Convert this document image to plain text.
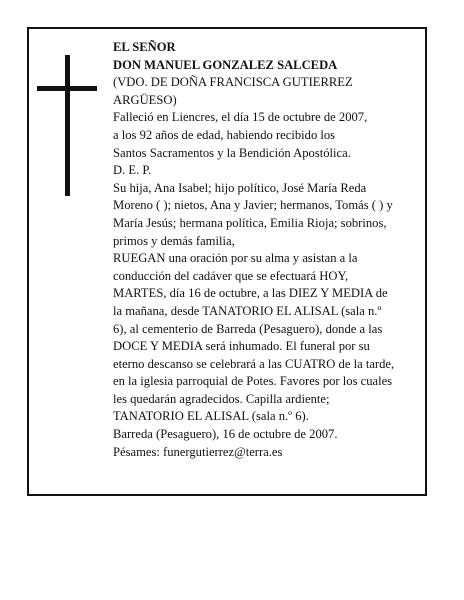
EL SEÑOR
DON MANUEL GONZALEZ SALCEDA
(VDO. DE DOÑA FRANCISCA GUTIERREZ
ARGÜESO)
Falleció en Liencres, el día 15 de octubre de 2007,
a los 92 años de edad, habiendo recibido los
Santos Sacramentos y la Bendición Apostólica.
D. E. P.
Su hija, Ana Isabel; hijo político, José María Reda
Moreno ( ); nietos, Ana y Javier; hermanos, Tomás ( ) y
María Jesús; hermana política, Emilia Rioja; sobrinos,
primos y demás familia,
RUEGAN una oración por su alma y asistan a la
conducción del cadáver que se efectuará HOY,
MARTES, día 16 de octubre, a las DIEZ Y MEDIA de
la mañana, desde TANATORIO EL ALISAL (sala n.º
6), al cementerio de Barreda (Pesaguero), donde a las
DOCE Y MEDIA será inhumado. El funeral por su
eterno descanso se celebrará a las CUATRO de la tarde,
en la iglesia parroquial de Potes. Favores por los cuales
les quedarán agradecidos. Capilla ardiente;
TANATORIO EL ALISAL (sala n.º 6).
Barreda (Pesaguero), 16 de octubre de 2007.
Pésames: funergutierrez@terra.es
